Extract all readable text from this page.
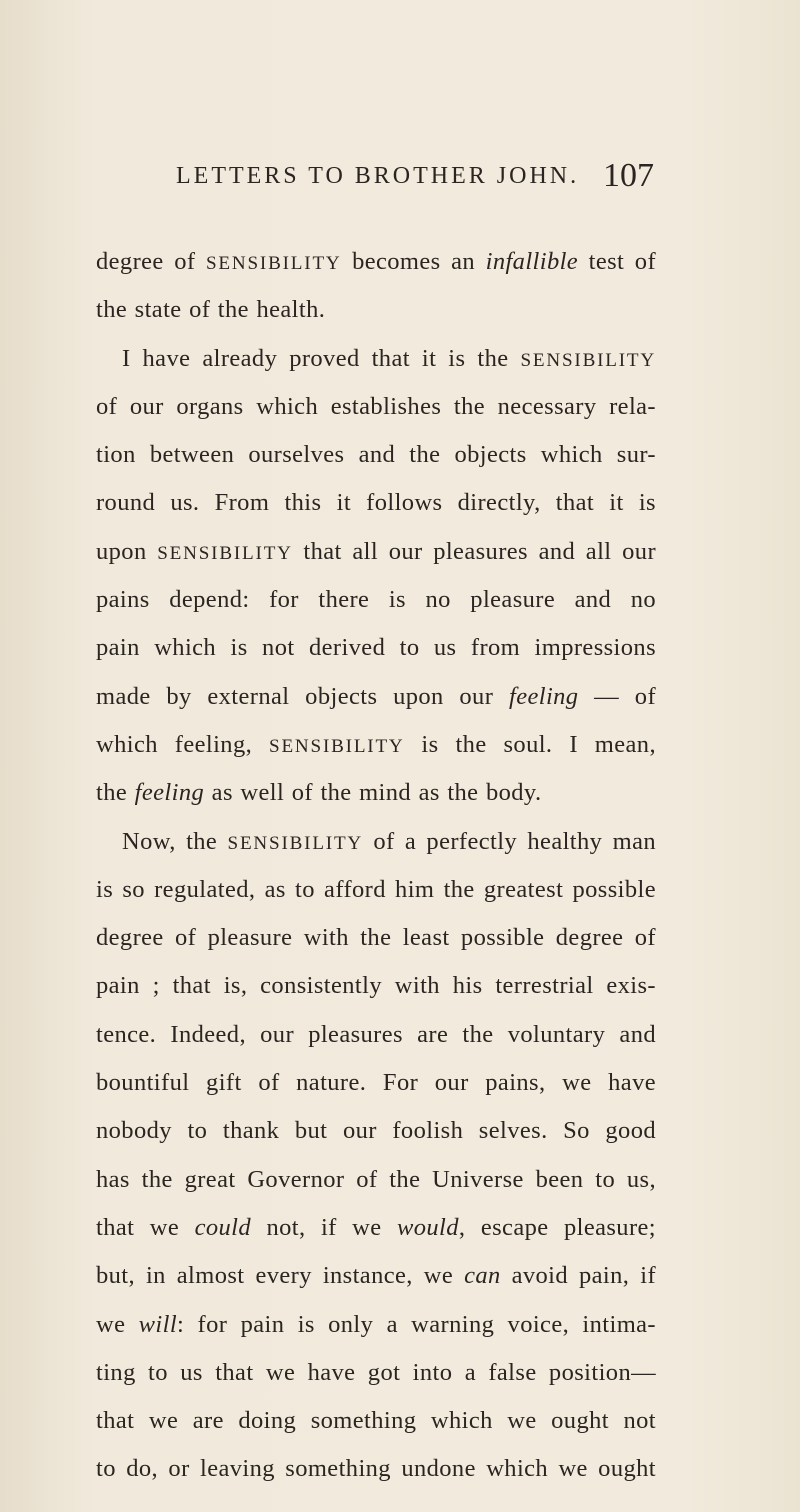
LETTERS TO BROTHER JOHN. 107
degree of SENSIBILITY becomes an infallible test of
the state of the health.
I have already proved that it is the SENSIBILITY
of our organs which establishes the necessary rela-
tion between ourselves and the objects which sur-
round us. From this it follows directly, that it is
upon SENSIBILITY that all our pleasures and all our
pains depend: for there is no pleasure and no
pain which is not derived to us from impressions
made by external objects upon our feeling — of
which feeling, SENSIBILITY is the soul. I mean,
the feeling as well of the mind as the body.
Now, the SENSIBILITY of a perfectly healthy man
is so regulated, as to afford him the greatest possible
degree of pleasure with the least possible degree of
pain ; that is, consistently with his terrestrial exis-
tence. Indeed, our pleasures are the voluntary and
bountiful gift of nature. For our pains, we have
nobody to thank but our foolish selves. So good
has the great Governor of the Universe been to us,
that we could not, if we would, escape pleasure;
but, in almost every instance, we can avoid pain, if
we will: for pain is only a warning voice, intima-
ting to us that we have got into a false position—
that we are doing something which we ought not
to do, or leaving something undone which we ought
